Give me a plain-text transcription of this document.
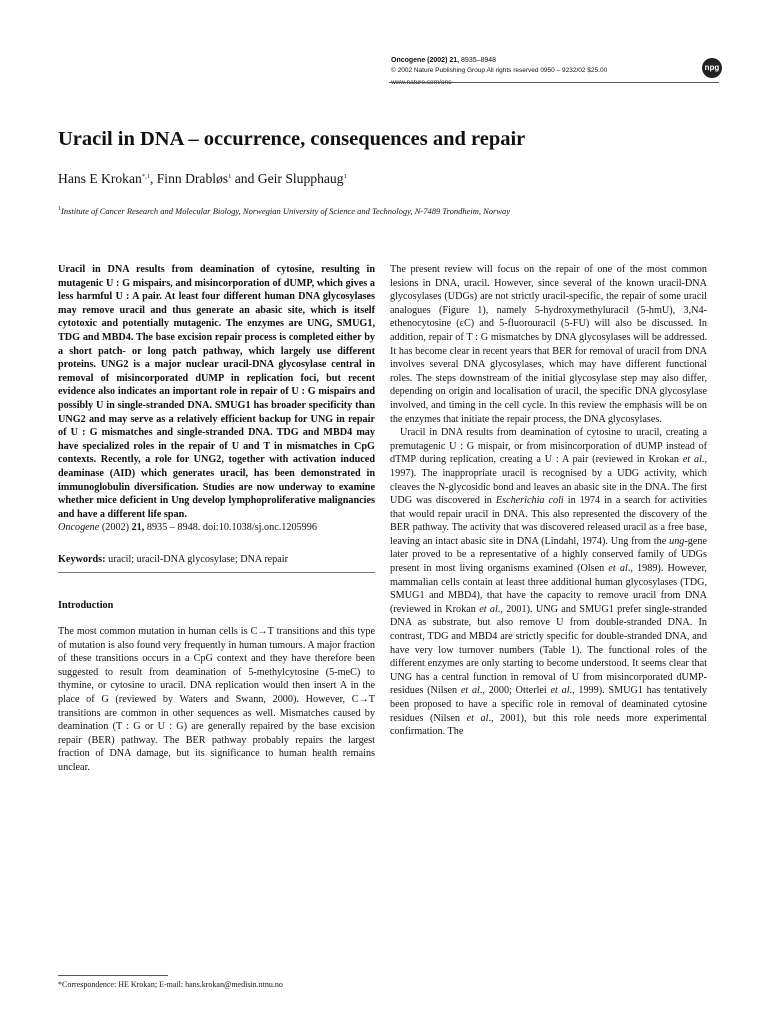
Oncogene (2002) 21, 8935–8948
© 2002 Nature Publishing Group All rights reserved 0950 – 9232/02 $25.00	npg
Uracil in DNA – occurrence, consequences and repair
Hans E Krokan$^{*,1}$, Finn Drabløs$^1$ and Geir Slupphaug$^1$
$^1$Institute of Cancer Research and Molecular Biology, Norwegian University of Science and Technology, N-7489 Trondheim, Norway

Uracil in DNA results from deamination of cytosine, resulting in mutagenic U : G mispairs, and misincorporation of dUMP, which gives a less harmful U : A pair. At least four different human DNA glycosylases may remove uracil and thus generate an abasic site, which is itself cytotoxic and potentially mutagenic. The enzymes are UNG, SMUG1, TDG and MBD4. The base excision repair process is completed either by a short patch- or long patch pathway, which largely use different proteins. UNG2 is a major nuclear uracil-DNA glycosylase central in removal of misincorporated dUMP in replication foci, but recent evidence also indicates an important role in repair of U : G mispairs and possibly U in single-stranded DNA. SMUG1 has broader specificity than UNG2 and may serve as a relatively efficient backup for UNG in repair of U : G mismatches and single-stranded DNA. TDG and MBD4 may have specialized roles in the repair of U and T in mismatches in CpG contexts. Recently, a role for UNG2, together with activation induced deaminase (AID) which generates uracil, has been demonstrated in immunoglobulin diversification. Studies are now underway to examine whether mice deficient in Ung develop lymphoproliferative malignancies and have a different life span.

Oncogene (2002) 21, 8935 – 8948. doi:10.1038/sj.onc.1205996

Keywords: uracil; uracil-DNA glycosylase; DNA repair

Introduction

The most common mutation in human cells is C→T transitions and this type of mutation is also found very frequently in human tumours. A major fraction of these transitions occurs in a CpG context and they have therefore been suggested to result from deamination of 5-methylcytosine (5-meC) to thymine, or cytosine to uracil. DNA replication would then insert A in the place of G (reviewed by Waters and Swann, 2000). However, C→T transitions are common in other sequences as well. Mismatches caused by deamination (T : G or U : G) are generally repaired by the base excision repair (BER) pathway. The BER pathway probably repairs the largest fraction of DNA damage, but its significance to human health remains unclear.

*Correspondence: HE Krokan; E-mail: hans.krokan@medisin.ntnu.no

The present review will focus on the repair of one of the most common lesions in DNA, uracil. However, since several of the known uracil-DNA glycosylases (UDGs) are not strictly uracil-specific, the repair of some uracil analogues (Figure 1), namely 5-hydroxymethyluracil (5-hmU), 3,N4-ethenocytosine (εC) and 5-fluorouracil (5-FU) will also be discussed. In addition, repair of T : G mismatches by DNA glycosylases will be addressed. It has become clear in recent years that BER for removal of uracil from DNA involves several DNA glycosylases, which may have different functional roles. The steps downstream of the initial glycosylase step may also differ, depending on origin and localisation of uracil, the specific DNA glycosylase involved, and timing in the cell cycle. In this review the emphasis will be on the enzymes that initiate the repair process, the DNA glycosylases.

Uracil in DNA results from deamination of cytosine to uracil, creating a premutagenic U : G mispair, or from misincorporation of dUMP instead of dTMP during replication, creating a U : A pair (reviewed in Krokan et al., 1997). The inappropriate uracil is recognised by a UDG activity, which cleaves the N-glycosidic bond and leaves an abasic site in the DNA. The first UDG was discovered in Escherichia coli in 1974 in a search for activities that would repair uracil in DNA. This also represented the discovery of the BER pathway. The activity that was discovered released uracil as a free base, leaving an intact abasic site in DNA (Lindahl, 1974). Ung from the ung-gene later proved to be a representative of a highly conserved family of UDGs present in most living organisms examined (Olsen et al., 1989). However, mammalian cells contain at least three additional human glycosylases (TDG, SMUG1 and MBD4), that have the capacity to remove uracil from DNA (reviewed in Krokan et al., 2001). UNG and SMUG1 prefer single-stranded DNA as substrate, but also remove U from double-stranded DNA. In contrast, TDG and MBD4 are strictly specific for double-stranded DNA, and have very low turnover numbers (Table 1). The functional roles of the different enzymes are only starting to become understood. It seems clear that UNG has a central function in removal of U from misincorporated dUMP-residues (Nilsen et al., 2000; Otterlei et al., 1999). SMUG1 has tentatively been proposed to have a specific role in removal of deaminated cytosine residues (Nilsen et al., 2001), but this role needs more experimental confirmation. The
